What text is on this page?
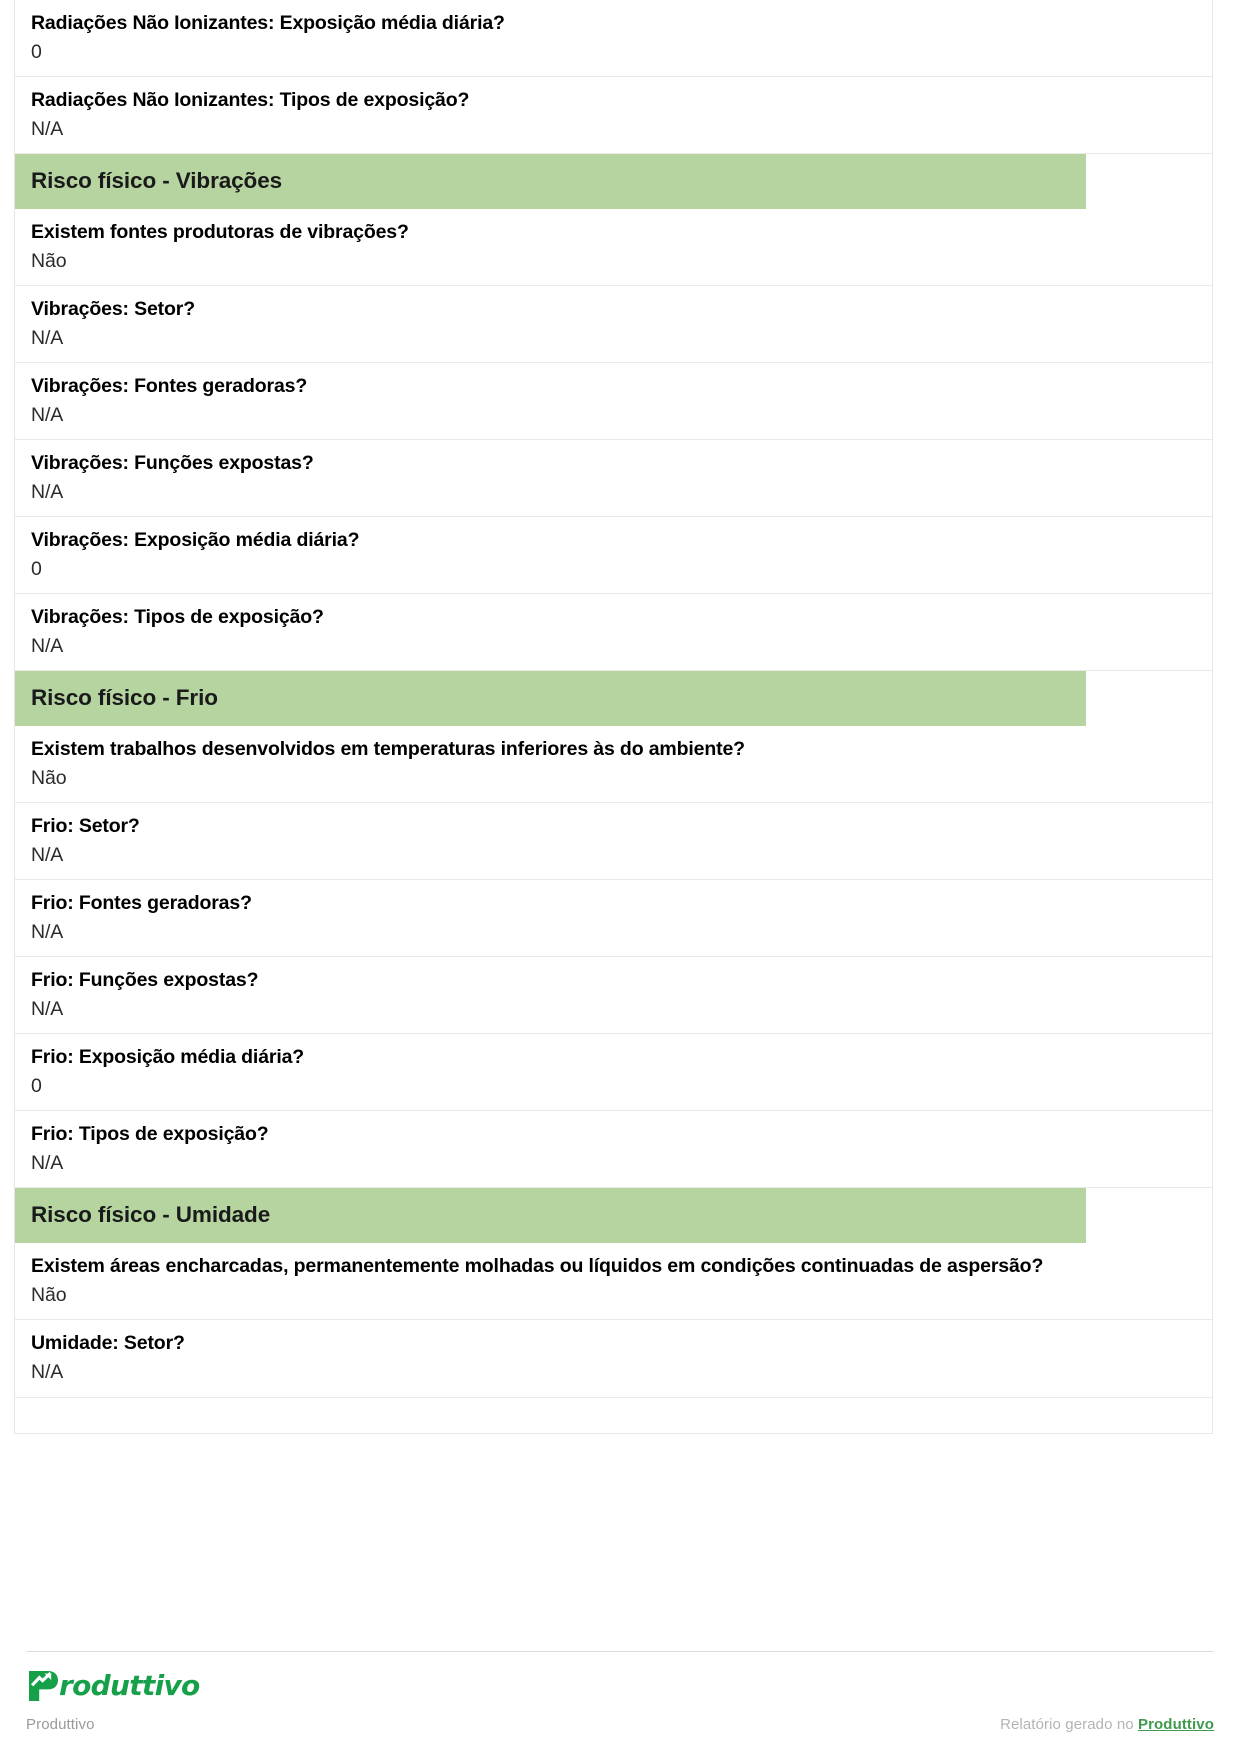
Radiações Não Ionizantes: Exposição média diária?
0
Radiações Não Ionizantes: Tipos de exposição?
N/A
Risco físico - Vibrações
Existem fontes produtoras de vibrações?
Não
Vibrações: Setor?
N/A
Vibrações: Fontes geradoras?
N/A
Vibrações: Funções expostas?
N/A
Vibrações: Exposição média diária?
0
Vibrações: Tipos de exposição?
N/A
Risco físico - Frio
Existem trabalhos desenvolvidos em temperaturas inferiores às do ambiente?
Não
Frio: Setor?
N/A
Frio: Fontes geradoras?
N/A
Frio: Funções expostas?
N/A
Frio: Exposição média diária?
0
Frio: Tipos de exposição?
N/A
Risco físico - Umidade
Existem áreas encharcadas, permanentemente molhadas ou líquidos em condições continuadas de aspersão?
Não
Umidade: Setor?
N/A
roduttivo
Produttivo	Relatório gerado no Produttivo
